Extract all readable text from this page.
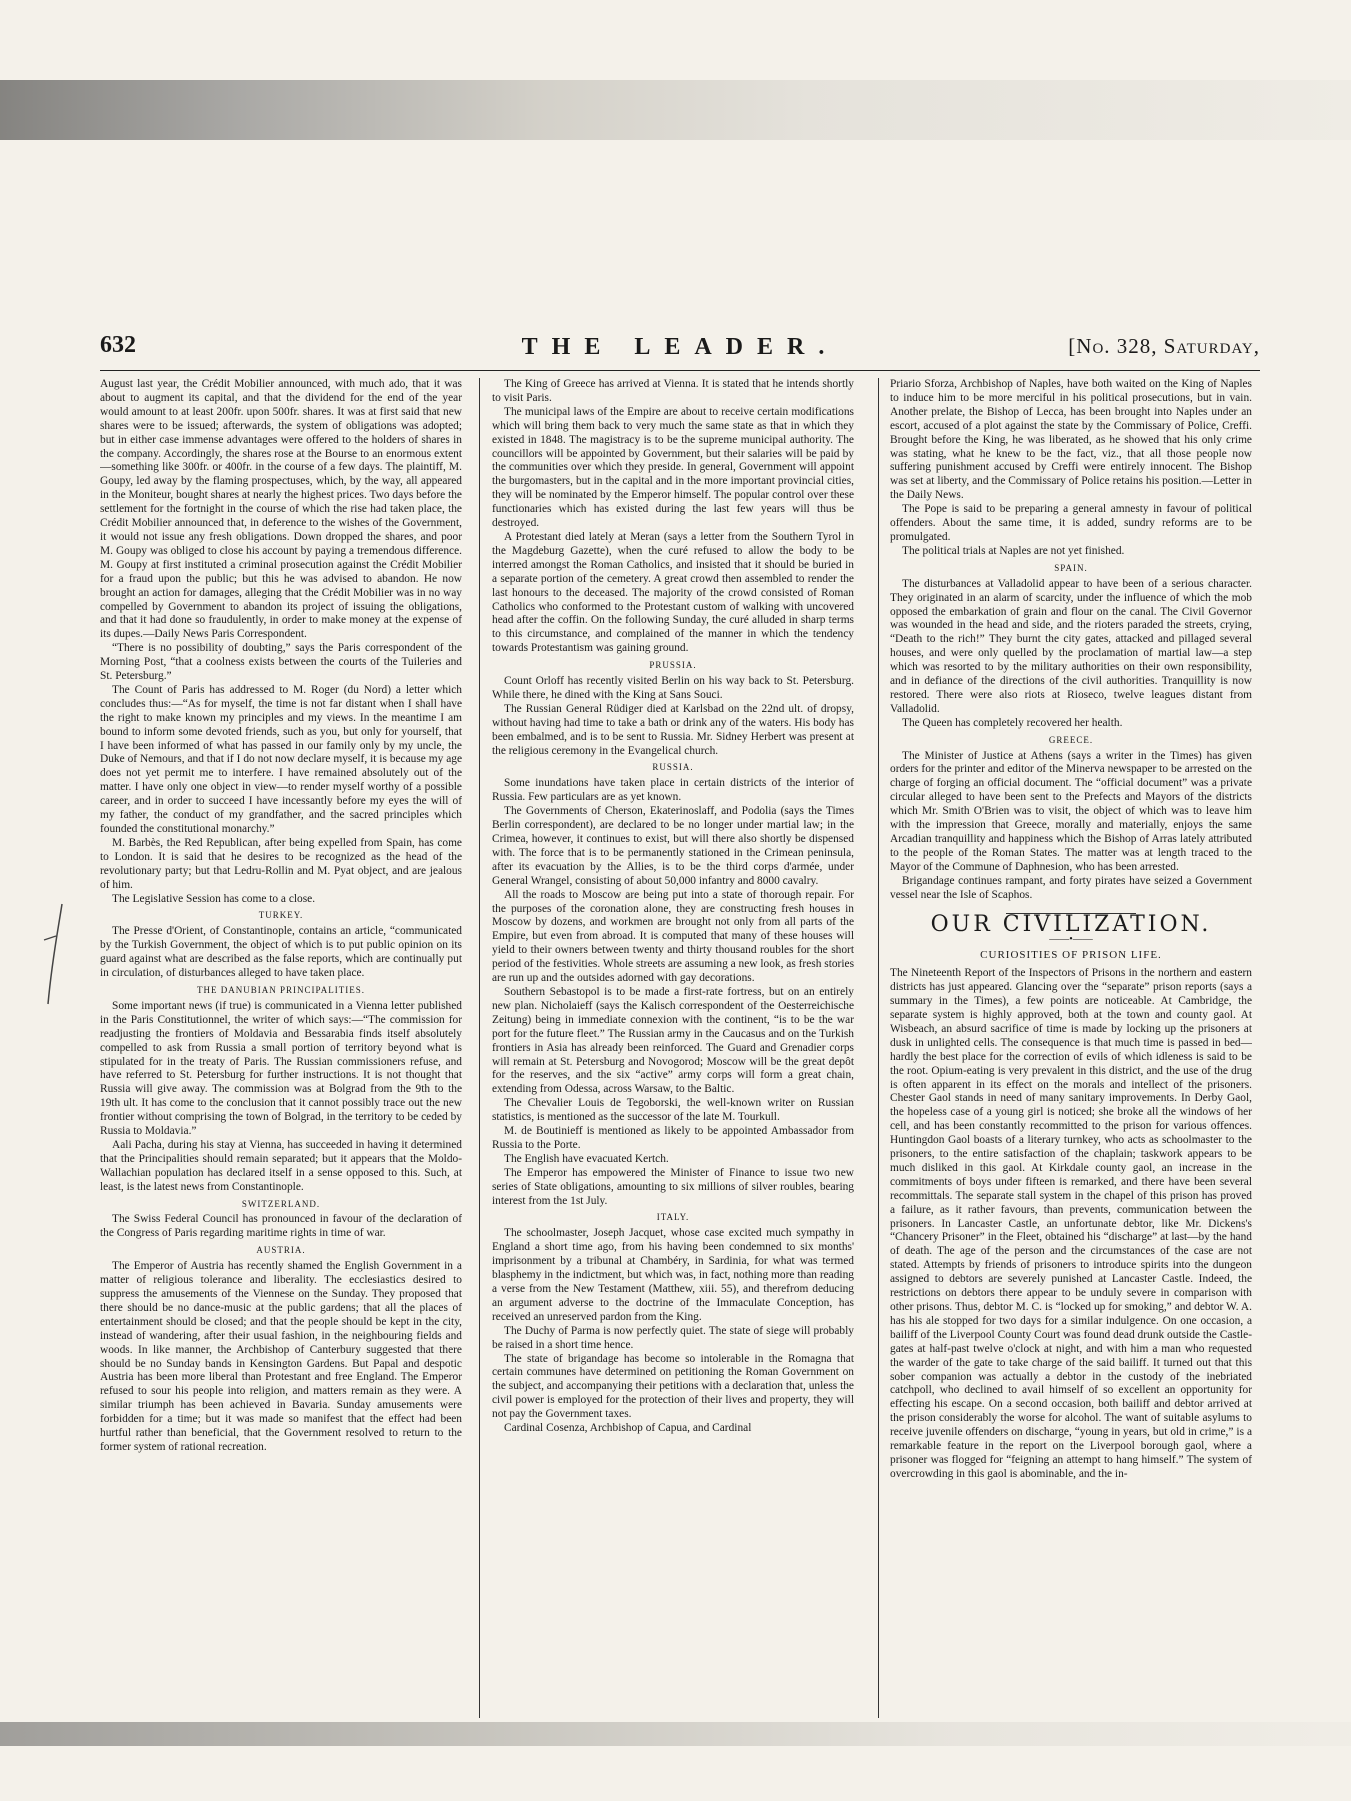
632	THE LEADER.	[No. 328, Saturday,

August last year, the Crédit Mobilier announced, with much ado, that it was about to augment its capital, and that the dividend for the end of the year would amount to at least 200fr. upon 500fr. shares. It was at first said that new shares were to be issued; afterwards, the system of obligations was adopted; but in either case immense advantages were offered to the holders of shares in the company. Accordingly, the shares rose at the Bourse to an enormous extent—something like 300fr. or 400fr. in the course of a few days. The plaintiff, M. Goupy, led away by the flaming prospectuses, which, by the way, all appeared in the Moniteur, bought shares at nearly the highest prices. Two days before the settlement for the fortnight in the course of which the rise had taken place, the Crédit Mobilier announced that, in deference to the wishes of the Government, it would not issue any fresh obligations. Down dropped the shares, and poor M. Goupy was obliged to close his account by paying a tremendous difference. M. Goupy at first instituted a criminal prosecution against the Crédit Mobilier for a fraud upon the public; but this he was advised to abandon. He now brought an action for damages, alleging that the Crédit Mobilier was in no way compelled by Government to abandon its project of issuing the obligations, and that it had done so fraudulently, in order to make money at the expense of its dupes.—Daily News Paris Correspondent.

“There is no possibility of doubting,” says the Paris correspondent of the Morning Post, “that a coolness exists between the courts of the Tuileries and St. Petersburg.”

The Count of Paris has addressed to M. Roger (du Nord) a letter which concludes thus:—“As for myself, the time is not far distant when I shall have the right to make known my principles and my views. In the meantime I am bound to inform some devoted friends, such as you, but only for yourself, that I have been informed of what has passed in our family only by my uncle, the Duke of Nemours, and that if I do not now declare myself, it is because my age does not yet permit me to interfere. I have remained absolutely out of the matter. I have only one object in view—to render myself worthy of a possible career, and in order to succeed I have incessantly before my eyes the will of my father, the conduct of my grandfather, and the sacred principles which founded the constitutional monarchy.”

M. Barbès, the Red Republican, after being expelled from Spain, has come to London. It is said that he desires to be recognized as the head of the revolutionary party; but that Ledru-Rollin and M. Pyat object, and are jealous of him.

The Legislative Session has come to a close.

TURKEY.

The Presse d'Orient, of Constantinople, contains an article, “communicated by the Turkish Government, the object of which is to put public opinion on its guard against what are described as the false reports, which are continually put in circulation, of disturbances alleged to have taken place.

THE DANUBIAN PRINCIPALITIES.

Some important news (if true) is communicated in a Vienna letter published in the Paris Constitutionnel, the writer of which says:—“The commission for readjusting the frontiers of Moldavia and Bessarabia finds itself absolutely compelled to ask from Russia a small portion of territory beyond what is stipulated for in the treaty of Paris. The Russian commissioners refuse, and have referred to St. Petersburg for further instructions. It is not thought that Russia will give away. The commission was at Bolgrad from the 9th to the 19th ult. It has come to the conclusion that it cannot possibly trace out the new frontier without comprising the town of Bolgrad, in the territory to be ceded by Russia to Moldavia.”

Aali Pacha, during his stay at Vienna, has succeeded in having it determined that the Principalities should remain separated; but it appears that the Moldo-Wallachian population has declared itself in a sense opposed to this. Such, at least, is the latest news from Constantinople.

SWITZERLAND.

The Swiss Federal Council has pronounced in favour of the declaration of the Congress of Paris regarding maritime rights in time of war.

AUSTRIA.

The Emperor of Austria has recently shamed the English Government in a matter of religious tolerance and liberality. The ecclesiastics desired to suppress the amusements of the Viennese on the Sunday. They proposed that there should be no dance-music at the public gardens; that all the places of entertainment should be closed; and that the people should be kept in the city, instead of wandering, after their usual fashion, in the neighbouring fields and woods. In like manner, the Archbishop of Canterbury suggested that there should be no Sunday bands in Kensington Gardens. But Papal and despotic Austria has been more liberal than Protestant and free England. The Emperor refused to sour his people into religion, and matters remain as they were. A similar triumph has been achieved in Bavaria. Sunday amusements were forbidden for a time; but it was made so manifest that the effect had been hurtful rather than beneficial, that the Government resolved to return to the former system of rational recreation.

The King of Greece has arrived at Vienna. It is stated that he intends shortly to visit Paris.

The municipal laws of the Empire are about to receive certain modifications which will bring them back to very much the same state as that in which they existed in 1848. The magistracy is to be the supreme municipal authority. The councillors will be appointed by Government, but their salaries will be paid by the communities over which they preside. In general, Government will appoint the burgomasters, but in the capital and in the more important provincial cities, they will be nominated by the Emperor himself. The popular control over these functionaries which has existed during the last few years will thus be destroyed.

A Protestant died lately at Meran (says a letter from the Southern Tyrol in the Magdeburg Gazette), when the curé refused to allow the body to be interred amongst the Roman Catholics, and insisted that it should be buried in a separate portion of the cemetery. A great crowd then assembled to render the last honours to the deceased. The majority of the crowd consisted of Roman Catholics who conformed to the Protestant custom of walking with uncovered head after the coffin. On the following Sunday, the curé alluded in sharp terms to this circumstance, and complained of the manner in which the tendency towards Protestantism was gaining ground.

PRUSSIA.

Count Orloff has recently visited Berlin on his way back to St. Petersburg. While there, he dined with the King at Sans Souci.

The Russian General Rüdiger died at Karlsbad on the 22nd ult. of dropsy, without having had time to take a bath or drink any of the waters. His body has been embalmed, and is to be sent to Russia. Mr. Sidney Herbert was present at the religious ceremony in the Evangelical church.

RUSSIA.

Some inundations have taken place in certain districts of the interior of Russia. Few particulars are as yet known.

The Governments of Cherson, Ekaterinoslaff, and Podolia (says the Times Berlin correspondent), are declared to be no longer under martial law; in the Crimea, however, it continues to exist, but will there also shortly be dispensed with. The force that is to be permanently stationed in the Crimean peninsula, after its evacuation by the Allies, is to be the third corps d'armée, under General Wrangel, consisting of about 50,000 infantry and 8000 cavalry.

All the roads to Moscow are being put into a state of thorough repair. For the purposes of the coronation alone, they are constructing fresh houses in Moscow by dozens, and workmen are brought not only from all parts of the Empire, but even from abroad. It is computed that many of these houses will yield to their owners between twenty and thirty thousand roubles for the short period of the festivities. Whole streets are assuming a new look, as fresh stories are run up and the outsides adorned with gay decorations.

Southern Sebastopol is to be made a first-rate fortress, but on an entirely new plan. Nicholaieff (says the Kalisch correspondent of the Oesterreichische Zeitung) being in immediate connexion with the continent, “is to be the war port for the future fleet.” The Russian army in the Caucasus and on the Turkish frontiers in Asia has already been reinforced. The Guard and Grenadier corps will remain at St. Petersburg and Novogorod; Moscow will be the great depôt for the reserves, and the six “active” army corps will form a great chain, extending from Odessa, across Warsaw, to the Baltic.

The Chevalier Louis de Tegoborski, the well-known writer on Russian statistics, is mentioned as the successor of the late M. Tourkull.

M. de Boutinieff is mentioned as likely to be appointed Ambassador from Russia to the Porte.

The English have evacuated Kertch.

The Emperor has empowered the Minister of Finance to issue two new series of State obligations, amounting to six millions of silver roubles, bearing interest from the 1st July.

ITALY.

The schoolmaster, Joseph Jacquet, whose case excited much sympathy in England a short time ago, from his having been condemned to six months' imprisonment by a tribunal at Chambéry, in Sardinia, for what was termed blasphemy in the indictment, but which was, in fact, nothing more than reading a verse from the New Testament (Matthew, xiii. 55), and therefrom deducing an argument adverse to the doctrine of the Immaculate Conception, has received an unreserved pardon from the King.

The Duchy of Parma is now perfectly quiet. The state of siege will probably be raised in a short time hence.

The state of brigandage has become so intolerable in the Romagna that certain communes have determined on petitioning the Roman Government on the subject, and accompanying their petitions with a declaration that, unless the civil power is employed for the protection of their lives and property, they will not pay the Government taxes.

Cardinal Cosenza, Archbishop of Capua, and Cardinal

Priario Sforza, Archbishop of Naples, have both waited on the King of Naples to induce him to be more merciful in his political prosecutions, but in vain. Another prelate, the Bishop of Lecca, has been brought into Naples under an escort, accused of a plot against the state by the Commissary of Police, Creffi. Brought before the King, he was liberated, as he showed that his only crime was stating, what he knew to be the fact, viz., that all those people now suffering punishment accused by Creffi were entirely innocent. The Bishop was set at liberty, and the Commissary of Police retains his position.—Letter in the Daily News.

The Pope is said to be preparing a general amnesty in favour of political offenders. About the same time, it is added, sundry reforms are to be promulgated.

The political trials at Naples are not yet finished.

SPAIN.

The disturbances at Valladolid appear to have been of a serious character. They originated in an alarm of scarcity, under the influence of which the mob opposed the embarkation of grain and flour on the canal. The Civil Governor was wounded in the head and side, and the rioters paraded the streets, crying, “Death to the rich!” They burnt the city gates, attacked and pillaged several houses, and were only quelled by the proclamation of martial law—a step which was resorted to by the military authorities on their own responsibility, and in defiance of the directions of the civil authorities. Tranquillity is now restored. There were also riots at Rioseco, twelve leagues distant from Valladolid.

The Queen has completely recovered her health.

GREECE.

The Minister of Justice at Athens (says a writer in the Times) has given orders for the printer and editor of the Minerva newspaper to be arrested on the charge of forging an official document. The “official document” was a private circular alleged to have been sent to the Prefects and Mayors of the districts which Mr. Smith O'Brien was to visit, the object of which was to leave him with the impression that Greece, morally and materially, enjoys the same Arcadian tranquillity and happiness which the Bishop of Arras lately attributed to the people of the Roman States. The matter was at length traced to the Mayor of the Commune of Daphnesion, who has been arrested.

Brigandage continues rampant, and forty pirates have seized a Government vessel near the Isle of Scaphos.

OUR CIVILIZATION.
——•——
CURIOSITIES OF PRISON LIFE.

The Nineteenth Report of the Inspectors of Prisons in the northern and eastern districts has just appeared. Glancing over the “separate” prison reports (says a summary in the Times), a few points are noticeable. At Cambridge, the separate system is highly approved, both at the town and county gaol. At Wisbeach, an absurd sacrifice of time is made by locking up the prisoners at dusk in unlighted cells. The consequence is that much time is passed in bed—hardly the best place for the correction of evils of which idleness is said to be the root. Opium-eating is very prevalent in this district, and the use of the drug is often apparent in its effect on the morals and intellect of the prisoners. Chester Gaol stands in need of many sanitary improvements. In Derby Gaol, the hopeless case of a young girl is noticed; she broke all the windows of her cell, and has been constantly recommitted to the prison for various offences. Huntingdon Gaol boasts of a literary turnkey, who acts as schoolmaster to the prisoners, to the entire satisfaction of the chaplain; taskwork appears to be much disliked in this gaol. At Kirkdale county gaol, an increase in the commitments of boys under fifteen is remarked, and there have been several recommittals. The separate stall system in the chapel of this prison has proved a failure, as it rather favours, than prevents, communication between the prisoners. In Lancaster Castle, an unfortunate debtor, like Mr. Dickens's “Chancery Prisoner” in the Fleet, obtained his “discharge” at last—by the hand of death. The age of the person and the circumstances of the case are not stated. Attempts by friends of prisoners to introduce spirits into the dungeon assigned to debtors are severely punished at Lancaster Castle. Indeed, the restrictions on debtors there appear to be unduly severe in comparison with other prisons. Thus, debtor M. C. is “locked up for smoking,” and debtor W. A. has his ale stopped for two days for a similar indulgence. On one occasion, a bailiff of the Liverpool County Court was found dead drunk outside the Castle-gates at half-past twelve o'clock at night, and with him a man who requested the warder of the gate to take charge of the said bailiff. It turned out that this sober companion was actually a debtor in the custody of the inebriated catchpoll, who declined to avail himself of so excellent an opportunity for effecting his escape. On a second occasion, both bailiff and debtor arrived at the prison considerably the worse for alcohol. The want of suitable asylums to receive juvenile offenders on discharge, “young in years, but old in crime,” is a remarkable feature in the report on the Liverpool borough gaol, where a prisoner was flogged for “feigning an attempt to hang himself.” The system of overcrowding in this gaol is abominable, and the in-
